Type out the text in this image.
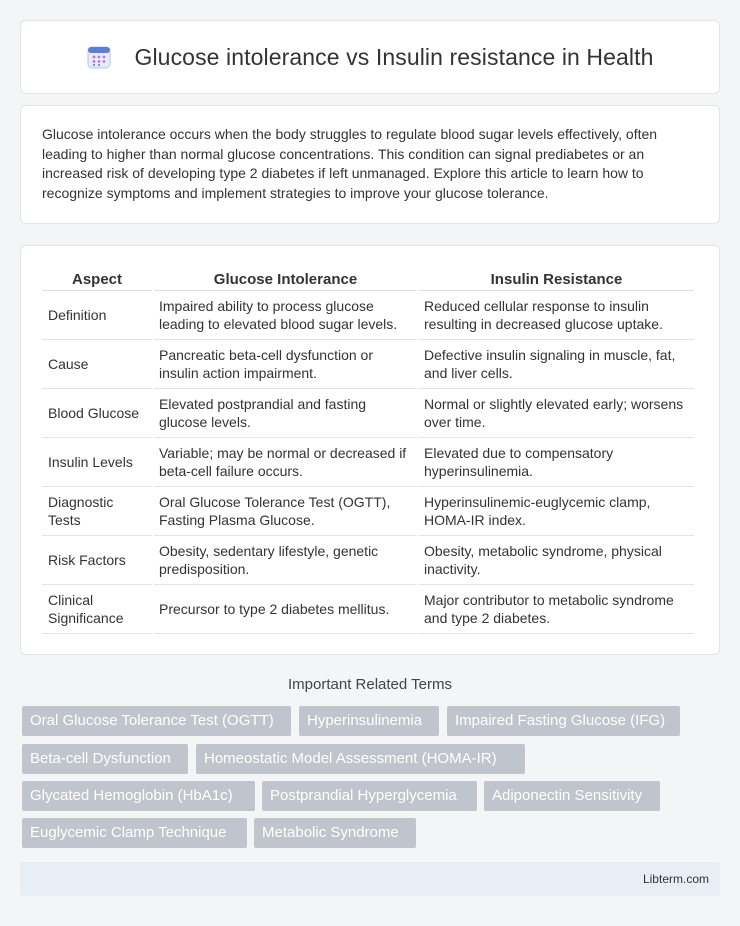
Glucose intolerance vs Insulin resistance in Health

Glucose intolerance occurs when the body struggles to regulate blood sugar levels effectively, often leading to higher than normal glucose concentrations. This condition can signal prediabetes or an increased risk of developing type 2 diabetes if left unmanaged. Explore this article to learn how to recognize symptoms and implement strategies to improve your glucose tolerance.

Aspect	Glucose Intolerance	Insulin Resistance
Definition	Impaired ability to process glucose leading to elevated blood sugar levels.	Reduced cellular response to insulin resulting in decreased glucose uptake.
Cause	Pancreatic beta-cell dysfunction or insulin action impairment.	Defective insulin signaling in muscle, fat, and liver cells.
Blood Glucose	Elevated postprandial and fasting glucose levels.	Normal or slightly elevated early; worsens over time.
Insulin Levels	Variable; may be normal or decreased if beta-cell failure occurs.	Elevated due to compensatory hyperinsulinemia.
Diagnostic Tests	Oral Glucose Tolerance Test (OGTT), Fasting Plasma Glucose.	Hyperinsulinemic-euglycemic clamp, HOMA-IR index.
Risk Factors	Obesity, sedentary lifestyle, genetic predisposition.	Obesity, metabolic syndrome, physical inactivity.
Clinical Significance	Precursor to type 2 diabetes mellitus.	Major contributor to metabolic syndrome and type 2 diabetes.
Important Related Terms
Oral Glucose Tolerance Test (OGTT)	Hyperinsulinemia	Impaired Fasting Glucose (IFG)
Beta-cell Dysfunction	Homeostatic Model Assessment (HOMA-IR)
Glycated Hemoglobin (HbA1c)	Postprandial Hyperglycemia	Adiponectin Sensitivity
Euglycemic Clamp Technique	Metabolic Syndrome
Libterm.com
